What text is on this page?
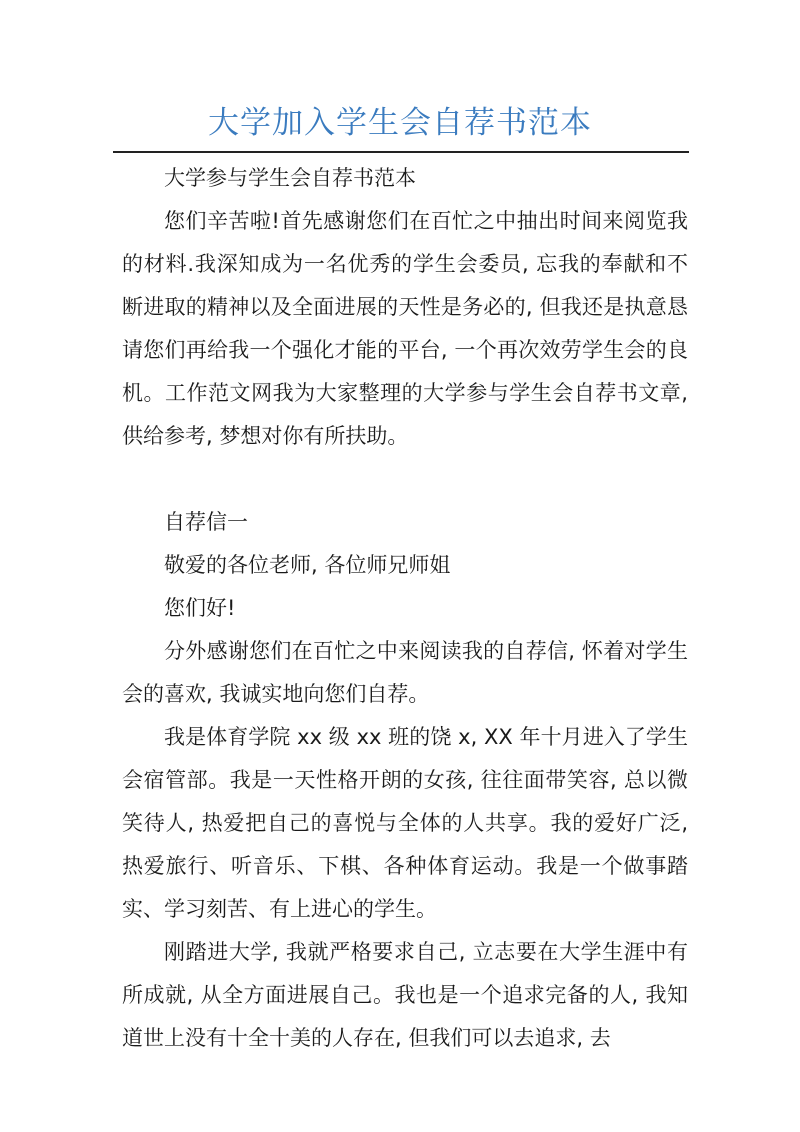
大学加入学生会自荐书范本

大学参与学生会自荐书范本

您们辛苦啦!首先感谢您们在百忙之中抽出时间来阅览我的材料.我深知成为一名优秀的学生会委员, 忘我的奉献和不断进取的精神以及全面进展的天性是务必的, 但我还是执意恳请您们再给我一个强化才能的平台, 一个再次效劳学生会的良机。工作范文网我为大家整理的大学参与学生会自荐书文章, 供给参考, 梦想对你有所扶助。

自荐信一

敬爱的各位老师, 各位师兄师姐

您们好!

分外感谢您们在百忙之中来阅读我的自荐信, 怀着对学生会的喜欢, 我诚实地向您们自荐。

我是体育学院 xx 级 xx 班的饶 x, XX 年十月进入了学生会宿管部。我是一天性格开朗的女孩, 往往面带笑容, 总以微笑待人, 热爱把自己的喜悦与全体的人共享。我的爱好广泛, 热爱旅行、听音乐、下棋、各种体育运动。我是一个做事踏实、学习刻苦、有上进心的学生。

刚踏进大学, 我就严格要求自己, 立志要在大学生涯中有所成就, 从全方面进展自己。我也是一个追求完备的人, 我知道世上没有十全十美的人存在, 但我们可以去追求, 去
